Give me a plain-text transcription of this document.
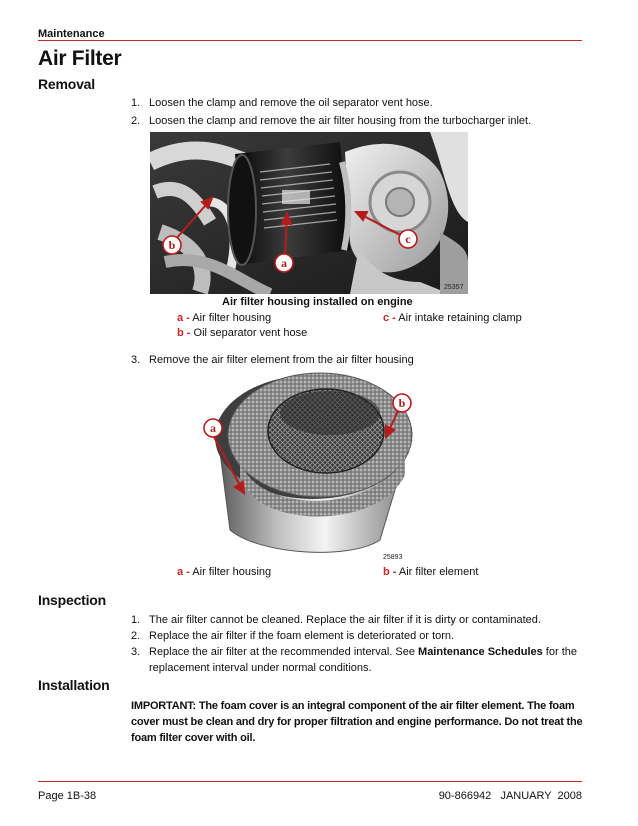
Maintenance
Air Filter
Removal
1. Loosen the clamp and remove the oil separator vent hose.
2. Loosen the clamp and remove the air filter housing from the turbocharger inlet.
b
a
c
25357
Air filter housing installed on engine
a - Air filter housing	c - Air intake retaining clamp
b - Oil separator vent hose
3. Remove the air filter element from the air filter housing
a
b
25893
a - Air filter housing	b - Air filter element
Inspection
1. The air filter cannot be cleaned. Replace the air filter if it is dirty or contaminated.
2. Replace the air filter if the foam element is deteriorated or torn.
3. Replace the air filter at the recommended interval. See Maintenance Schedules for the replacement interval under normal conditions.
Installation
IMPORTANT: The foam cover is an integral component of the air filter element. The foam cover must be clean and dry for proper filtration and engine performance. Do not treat the foam filter cover with oil.
Page 1B-38	90-866942   JANUARY  2008
